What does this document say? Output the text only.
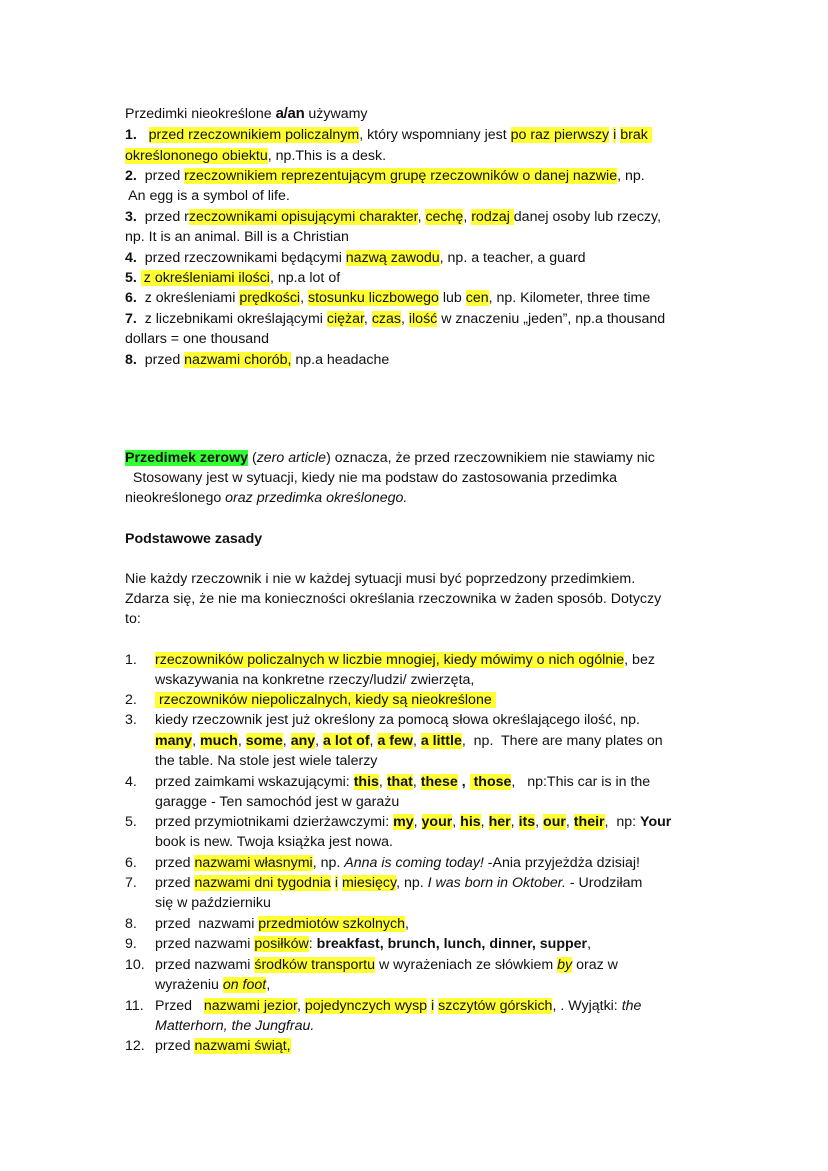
Przedimki nieokreślone a/an używamy
1. przed rzeczownikiem policzalnym, który wspomniany jest po raz pierwszy i brak
określononego obiektu, np.This is a desk.
2.  przed rzeczownikiem reprezentującym grupę rzeczowników o danej nazwie, np.
An egg is a symbol of life.
3.  przed rzeczownikami opisującymi charakter, cechę, rodzaj danej osoby lub rzeczy,
np. It is an animal. Bill is a Christian
4.  przed rzeczownikami będącymi nazwą zawodu, np. a teacher, a guard
5. z określeniami ilości, np.a lot of
6.  z określeniami prędkości, stosunku liczbowego lub cen, np. Kilometer, three time
7.  z liczebnikami określającymi ciężar, czas, ilość w znaczeniu „jeden”, np.a thousand
dollars = one thousand
8.  przed nazwami chorób, np.a headache
Przedimek zerowy (zero article) oznacza, że przed rzeczownikiem nie stawiamy nic
Stosowany jest w sytuacji, kiedy nie ma podstaw do zastosowania przedimka
nieokreślonego oraz przedimka określonego.
Podstawowe zasady
Nie każdy rzeczownik i nie w każdej sytuacji musi być poprzedzony przedimkiem.
Zdarza się, że nie ma konieczności określania rzeczownika w żaden sposób. Dotyczy
to:
1. rzeczowników policzalnych w liczbie mnogiej, kiedy mówimy o nich ogólnie, bez
wskazywania na konkretne rzeczy/ludzi/ zwierzęta,
2. rzeczowników niepoliczalnych, kiedy są nieokreślone
3. kiedy rzeczownik jest już określony za pomocą słowa określającego ilość, np.
many, much, some, any, a lot of, a few, a little,  np.  There are many plates on
the table. Na stole jest wiele talerzy
4. przed zaimkami wskazującymi: this, that, these ,  those,   np:This car is in the
garagge - Ten samochód jest w garażu
5. przed przymiotnikami dzierżawczymi: my, your, his, her, its, our, their,  np: Your
book is new. Twoja książka jest nowa.
6. przed nazwami własnymi, np. Anna is coming today! -Ania przyjeżdża dzisiaj!
7. przed nazwami dni tygodnia i miesięcy, np. I was born in Oktober. - Urodziłam
się w październiku
8. przed  nazwami przedmiotów szkolnych,
9. przed nazwami posiłków: breakfast, brunch, lunch, dinner, supper,
10. przed nazwami środków transportu w wyrażeniach ze słówkiem by oraz w
wyrażeniu on foot,
11. Przed   nazwami jezior, pojedynczych wysp i szczytów górskich, . Wyjątki: the
Matterhorn, the Jungfrau.
12. przed nazwami świąt,
